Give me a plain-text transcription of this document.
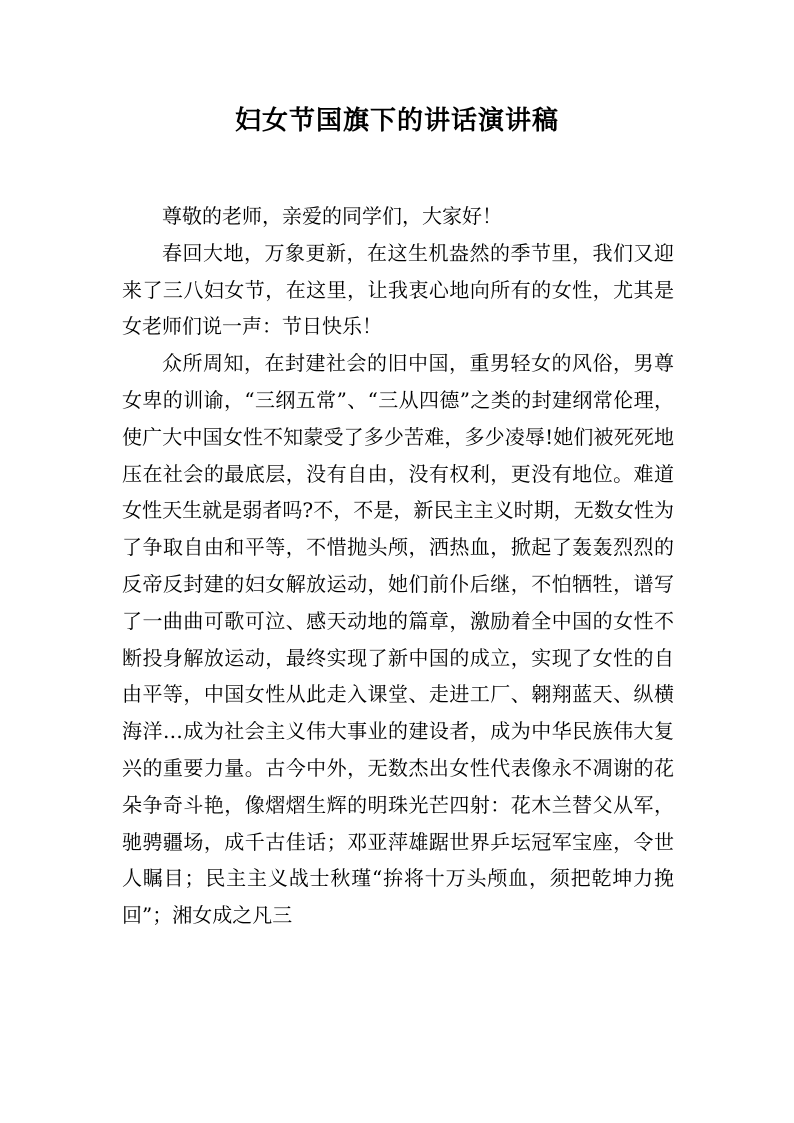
妇女节国旗下的讲话演讲稿

尊敬的老师，亲爱的同学们，大家好！

春回大地，万象更新，在这生机盎然的季节里，我们又迎来了三八妇女节，在这里，让我衷心地向所有的女性，尤其是女老师们说一声：节日快乐！

众所周知，在封建社会的旧中国，重男轻女的风俗，男尊女卑的训谕，“三纲五常”、“三从四德”之类的封建纲常伦理，使广大中国女性不知蒙受了多少苦难，多少凌辱!她们被死死地压在社会的最底层，没有自由，没有权利，更没有地位。难道女性天生就是弱者吗?不，不是，新民主主义时期，无数女性为了争取自由和平等，不惜抛头颅，洒热血，掀起了轰轰烈烈的反帝反封建的妇女解放运动，她们前仆后继，不怕牺牲，谱写了一曲曲可歌可泣、感天动地的篇章，激励着全中国的女性不断投身解放运动，最终实现了新中国的成立，实现了女性的自由平等，中国女性从此走入课堂、走进工厂、翱翔蓝天、纵横海洋…成为社会主义伟大事业的建设者，成为中华民族伟大复兴的重要力量。古今中外，无数杰出女性代表像永不凋谢的花朵争奇斗艳，像熠熠生辉的明珠光芒四射：花木兰替父从军，驰骋疆场，成千古佳话；邓亚萍雄踞世界乒坛冠军宝座，令世人瞩目；民主主义战士秋瑾“拚将十万头颅血，须把乾坤力挽回”；湘女成之凡三
